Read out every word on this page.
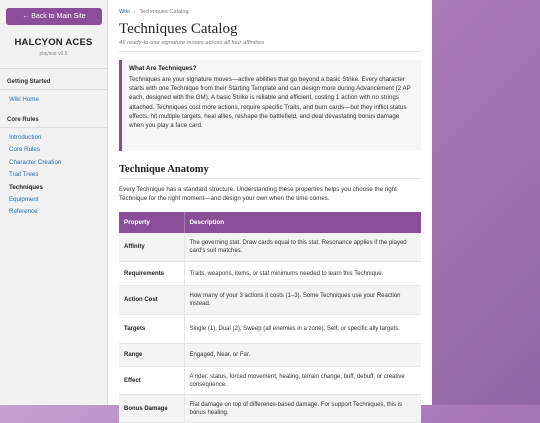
← Back to Main Site
HALCYON ACES
playtest v0.6
Getting Started
Wiki Home
Core Rules
Introduction
Core Rules
Character Creation
Trait Trees
Techniques
Equipment
Reference
Wiki › Techniques Catalog
Techniques Catalog
46 ready-to-use signature moves across all four affinities
What Are Techniques?
Techniques are your signature moves—active abilities that go beyond a basic Strike. Every character starts with one Technique from their Starting Template and can design more during Advancement (2 AP each, designed with the GM). A basic Strike is reliable and efficient, costing 1 action with no strings attached. Techniques cost more actions, require specific Traits, and burn cards—but they inflict status effects, hit multiple targets, heal allies, reshape the battlefield, and deal devastating bonus damage when you play a face card.
Technique Anatomy

Every Technique has a standard structure. Understanding these properties helps you choose the right Technique for the right moment—and design your own when the time comes.

Property	Description
Affinity	The governing stat. Draw cards equal to this stat. Resonance applies if the played card's suit matches.
Requirements	Traits, weapons, items, or stat minimums needed to learn this Technique.
Action Cost	How many of your 3 actions it costs (1–3). Some Techniques use your Reaction instead.
Targets	Single (1), Dual (2), Sweep (all enemies in a zone), Self, or specific ally targets.
Range	Engaged, Near, or Far.
Effect	A rider: status, forced movement, healing, terrain change, buff, debuff, or creative consequence.
Bonus Damage	Flat damage on top of difference-based damage. For support Techniques, this is bonus healing.
